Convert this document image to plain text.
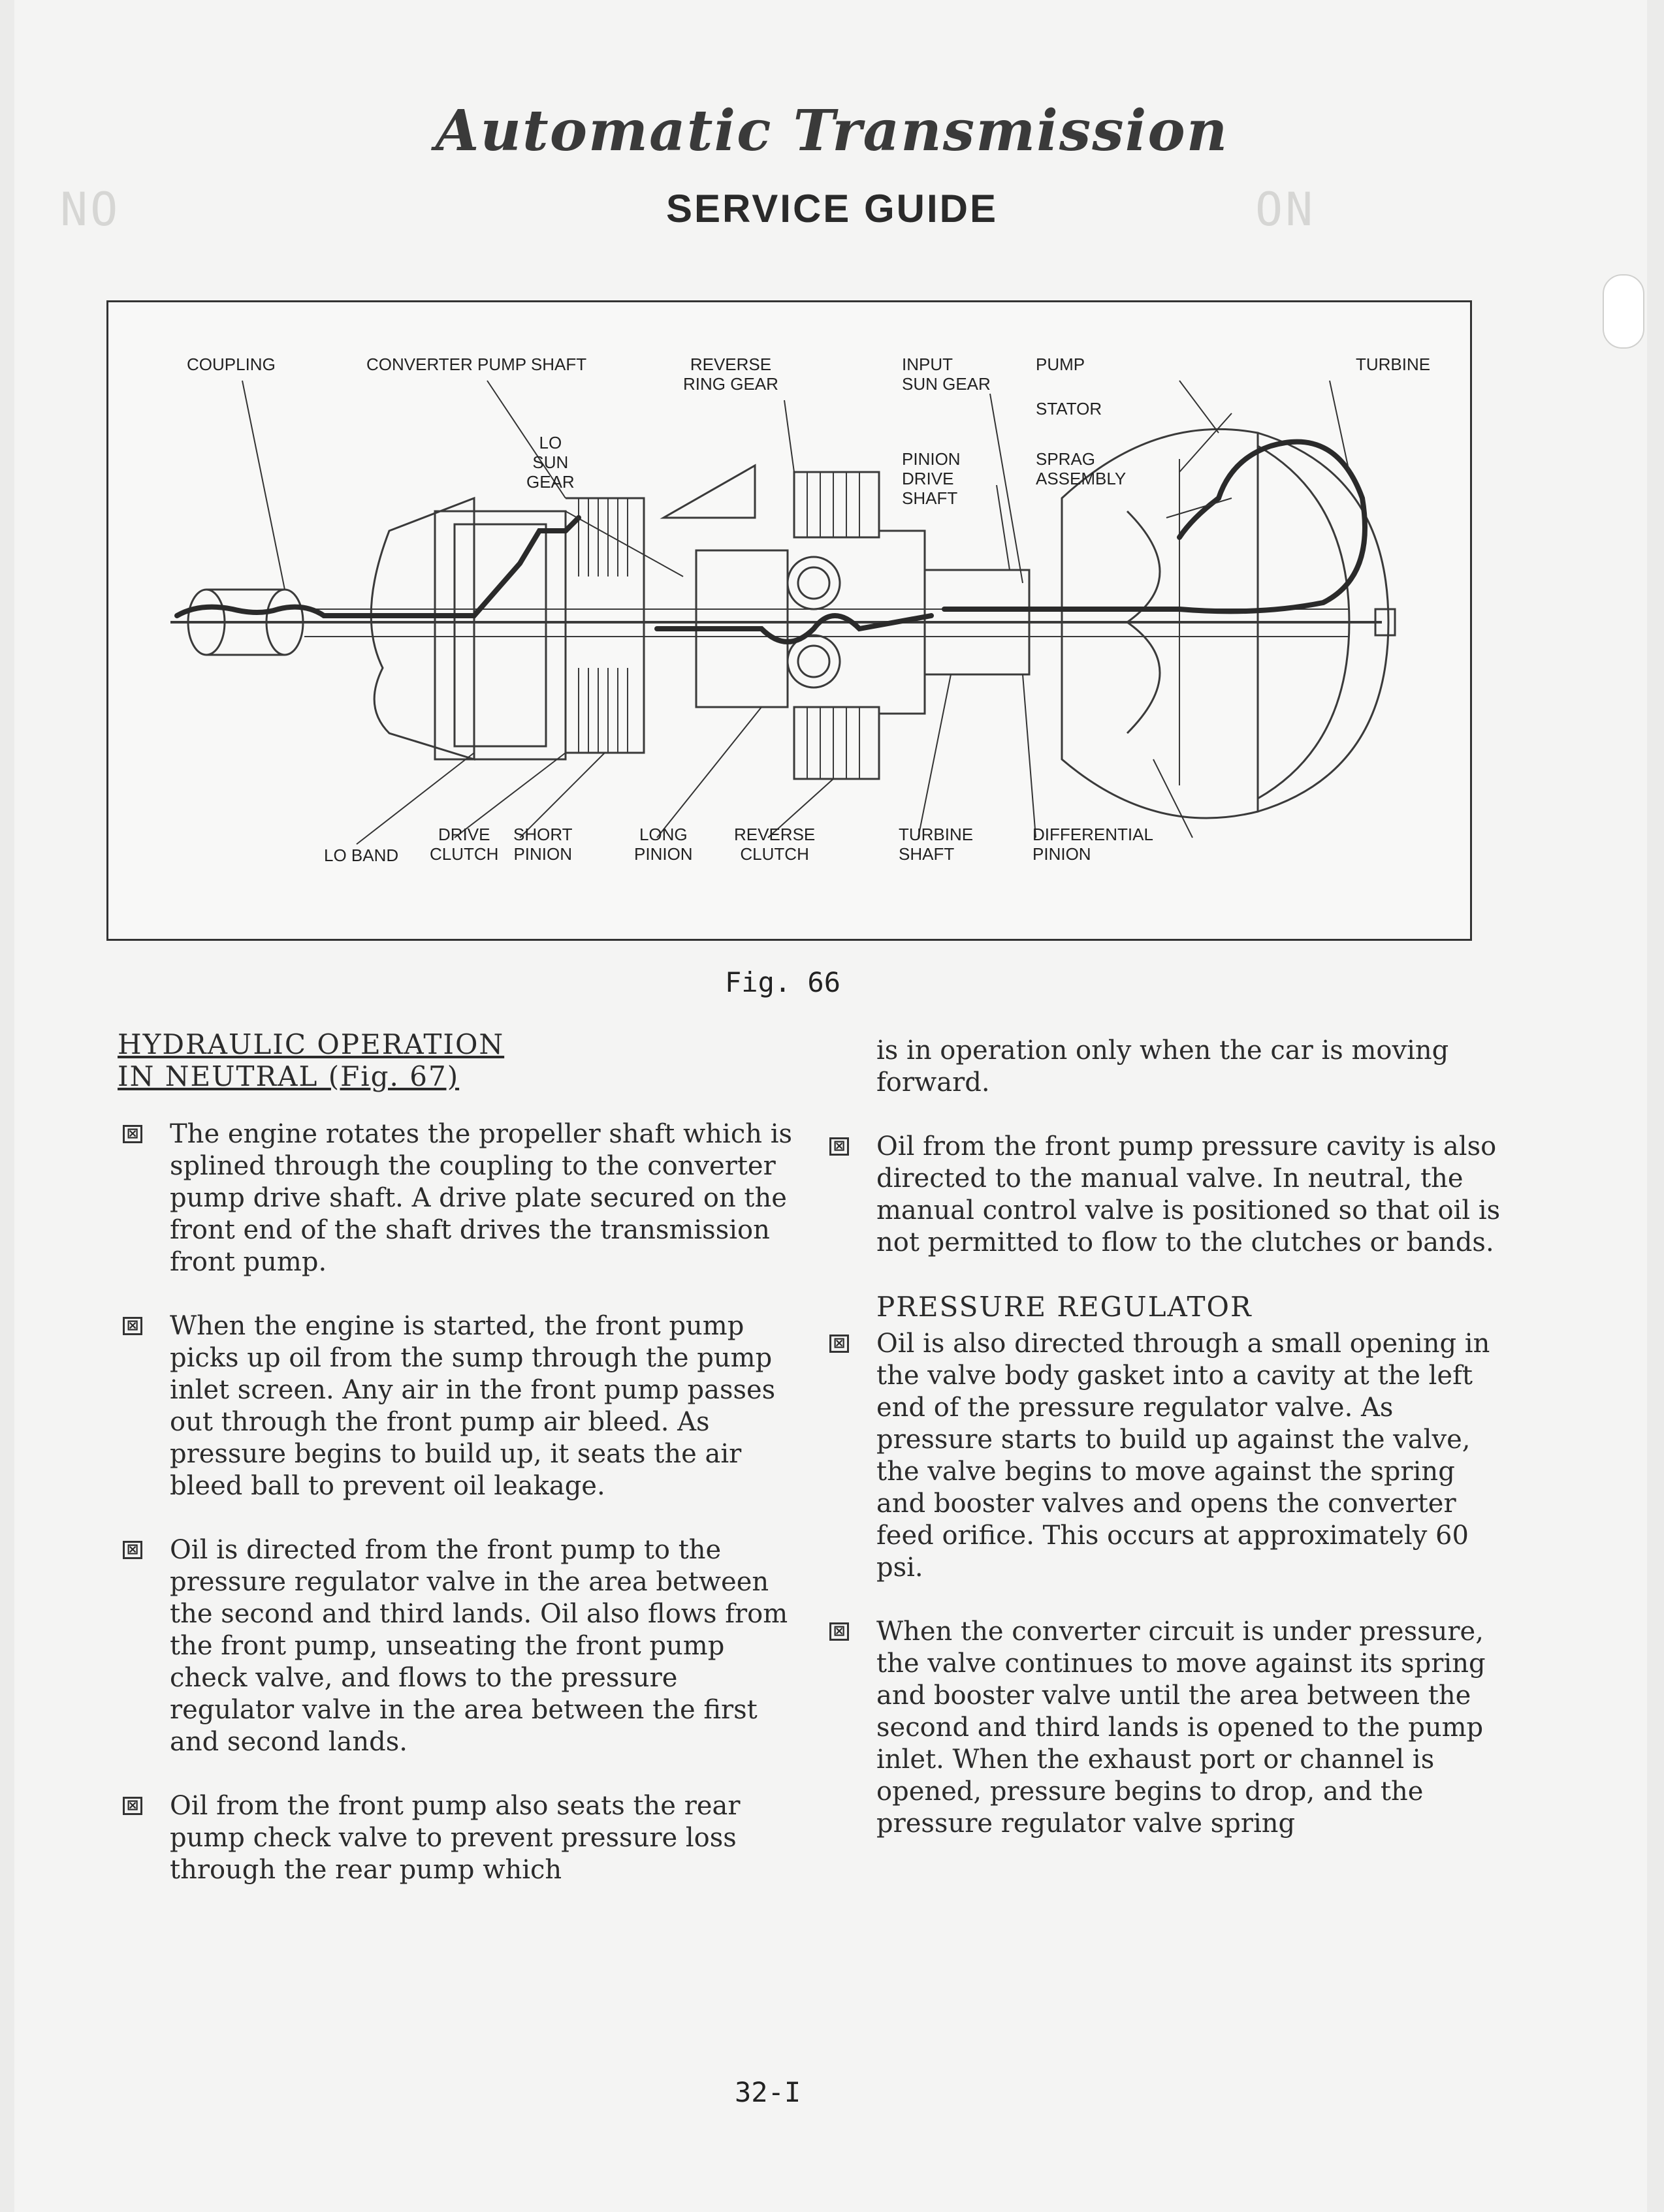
NO	ON
Automatic Transmission
SERVICE GUIDE
COUPLING	CONVERTER PUMP SHAFT	REVERSE
RING GEAR
LO
SUN
GEAR
INPUT
SUN GEAR
PUMP	TURBINE
STATOR
PINION
DRIVE
SHAFT
SPRAG
ASSEMBLY
LO BAND
DRIVE
CLUTCH
SHORT
PINION
LONG
PINION
REVERSE
CLUTCH
TURBINE
SHAFT
DIFFERENTIAL
PINION
Fig. 66

HYDRAULIC OPERATION

IN NEUTRAL (Fig. 67)

⊠ The engine rotates the propeller shaft which is splined through the coupling to the converter pump drive shaft. A drive plate secured on the front end of the shaft drives the transmission front pump.
⊠ When the engine is started, the front pump picks up oil from the sump through the pump inlet screen. Any air in the front pump passes out through the front pump air bleed. As pressure begins to build up, it seats the air bleed ball to prevent oil leakage.
⊠ Oil is directed from the front pump to the pressure regulator valve in the area between the second and third lands. Oil also flows from the front pump, unseating the front pump check valve, and flows to the pressure regulator valve in the area between the first and second lands.
⊠ Oil from the front pump also seats the rear pump check valve to prevent pressure loss through the rear pump which

is in operation only when the car is moving forward.

⊠ Oil from the front pump pressure cavity is also directed to the manual valve. In neutral, the manual control valve is positioned so that oil is not permitted to flow to the clutches or bands.

PRESSURE REGULATOR

⊠ Oil is also directed through a small opening in the valve body gasket into a cavity at the left end of the pressure regulator valve. As pressure starts to build up against the valve, the valve begins to move against the spring and booster valves and opens the converter feed orifice. This occurs at approximately 60 psi.
⊠ When the converter circuit is under pressure, the valve continues to move against its spring and booster valve until the area between the second and third lands is opened to the pump inlet. When the exhaust port or channel is opened, pressure begins to drop, and the pressure regulator valve spring
32-I
